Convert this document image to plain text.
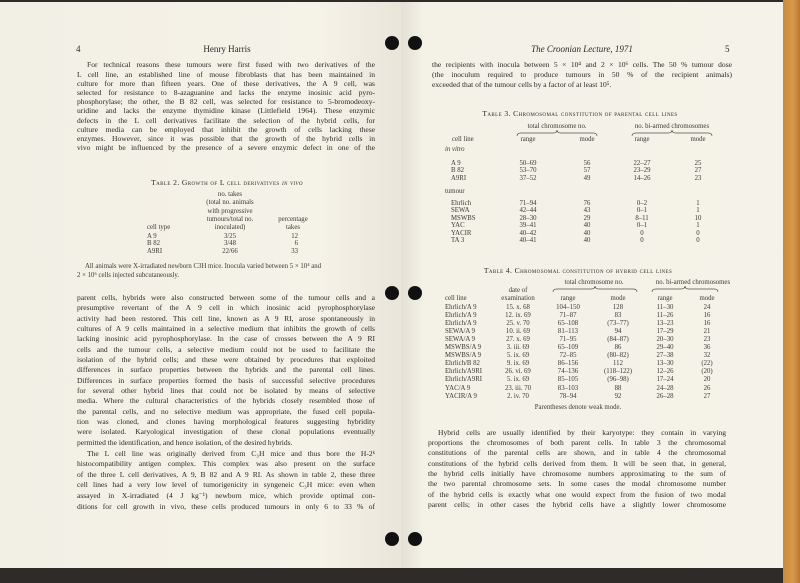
4	Henry Harris
For technical reasons these tumours were first fused with two derivatives of the
L cell line, an established line of mouse fibroblasts that has been maintained in
culture for more than fifteen years. One of these derivatives, the A 9 cell, was
selected for resistance to 8-azaguanine and lacks the enzyme inosinic acid pyro-
phosphorylase; the other, the B 82 cell, was selected for resistance to 5-bromodeoxy-
uridine and lacks the enzyme thymidine kinase (Littlefield 1964). These enzymic
defects in the L cell derivatives facilitate the selection of the hybrid cells, for
culture media can be employed that inhibit the growth of cells lacking these
enzymes. However, since it was possible that the growth of the hybrid cells in
vivo might be influenced by the presence of a severe enzymic defect in one of the
Table 2. Growth of L cell derivatives in vivo
no. takes
(total no. animals
with progressive
tumours/total no.
inoculated)
cell type
percentage
takes
A 9	3/25	12
B 82	3/48	6
A9RI	22/66	33
All animals were X-irradiated newborn C3H mice. Inocula varied between 5 × 10⁴ and
2 × 10⁶ cells injected subcutaneously.
parent cells, hybrids were also constructed between some of the tumour cells and a
presumptive revertant of the A 9 cell in which inosinic acid pyrophosphorylase
activity had been restored. This cell line, known as A 9 RI, arose spontaneously in
cultures of A 9 cells maintained in a selective medium that inhibits the growth of cells
lacking inosinic acid pyrophosphorylase. In the case of crosses between the A 9 RI
cells and the tumour cells, a selective medium could not be used to facilitate the
isolation of the hybrid cells; and these were obtained by procedures that exploited
differences in surface properties between the hybrids and the parental cell lines.
Differences in surface properties formed the basis of successful selective procedures
for several other hybrid lines that could not be isolated by means of selective
media. Where the cultural characteristics of the hybrids closely resembled those of
the parental cells, and no selective medium was appropriate, the fused cell popula-
tion was cloned, and clones having morphological features suggesting hybridity
were isolated. Karyological investigation of these clonal populations eventually
permitted the identification, and hence isolation, of the desired hybrids.
The L cell line was originally derived from C₃H mice and thus bore the H-2ᵏ
histocompatibility antigen complex. This complex was also present on the surface
of the three L cell derivatives, A 9, B 82 and A 9 RI. As shown in table 2, these three
cell lines had a very low level of tumorigenicity in syngeneic C₃H mice: even when
assayed in X-irradiated (4 J kg⁻¹) newborn mice, which provide optimal con-
ditions for cell growth in vivo, these cells produced tumours in only 6 to 33 % of
The Croonian Lecture, 1971	5
the recipients with inocula between 5 × 10⁴ and 2 × 10⁶ cells. The 50 % tumour dose
(the inoculum required to produce tumours in 50 % of the recipient animals)
exceeded that of the tumour cells by a factor of at least 10⁵.
Table 3. Chromosomal constitution of parental cell lines
total chromosome no.	no. bi-armed chromosomes
cell line	range	mode	range	mode
in vitro
tumour
A 9	50–69	56	22–27	25
B 82	53–70	57	23–29	27
A9RI	37–52	49	14–26	23
Ehrlich	71–94	76	0–2	1
SEWA	42–44	43	0–1	1
MSWBS	28–30	29	8–11	10
YAC	39–41	40	0–1	1
YACIR	40–42	40	0	0
TA 3	40–41	40	0	0
Table 4. Chromosomal constitution of hybrid cell lines
total chromosome no.	no. bi-armed chromosomes
date of
examination
cell line	range	mode	range	mode
Ehrlich/A 9	15. x. 68	104–150	128	11–30	24
Ehrlich/A 9	12. ix. 69	71–87	83	11–26	16
Ehrlich/A 9	25. v. 70	65–108	(73–77)	13–23	16
SEWA/A 9	10. ii. 69	81–113	94	17–29	21
SEWA/A 9	27. x. 69	71–95	(84–87)	20–30	23
MSWBS/A 9	3. iii. 69	65–109	86	29–40	36
MSWBS/A 9	5. ix. 69	72–85	(80–82)	27–38	32
Ehrlich/B 82	9. ix. 69	86–156	112	13–30	(22)
Ehrlich/A9RI	26. vi. 69	74–136	(118–122)	12–26	(20)
Ehrlich/A9RI	5. ix. 69	85–105	(96–98)	17–24	20
YAC/A 9	23. iii. 70	83–103	88	24–28	26
YACIR/A 9	2. iv. 70	78–94	92	26–28	27
Parentheses denote weak mode.
Hybrid cells are usually identified by their karyotype: they contain in varying
proportions the chromosomes of both parent cells. In table 3 the chromosomal
constitutions of the parental cells are shown, and in table 4 the chromosomal
constitutions of the hybrid cells derived from them. It will be seen that, in general,
the hybrid cells initially have chromosome numbers approximating to the sum of
the two parental chromosome sets. In some cases the modal chromosome number
of the hybrid cells is exactly what one would expect from the fusion of two modal
parent cells; in other cases the hybrid cells have a slightly lower chromosome
